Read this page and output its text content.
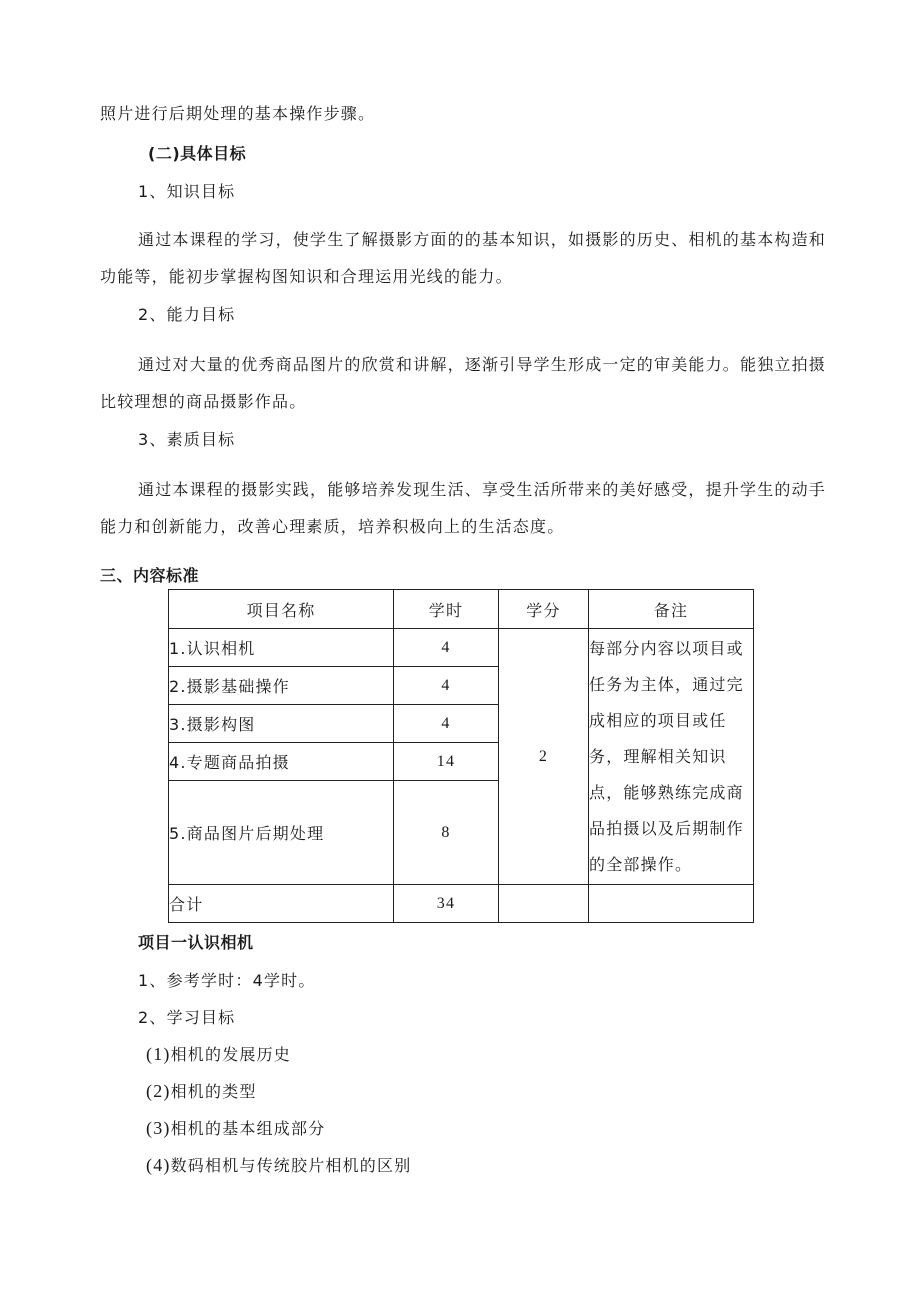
照片进行后期处理的基本操作步骤。
(二)具体目标
1、知识目标
通过本课程的学习，使学生了解摄影方面的的基本知识，如摄影的历史、相机的基本构造和
功能等，能初步掌握构图知识和合理运用光线的能力。
2、能力目标
通过对大量的优秀商品图片的欣赏和讲解，逐渐引导学生形成一定的审美能力。能独立拍摄
比较理想的商品摄影作品。
3、素质目标
通过本课程的摄影实践，能够培养发现生活、享受生活所带来的美好感受，提升学生的动手
能力和创新能力，改善心理素质，培养积极向上的生活态度。
三、内容标准
项目名称	学时	学分	备注
1.认识相机	4	2	每部分内容以项目或任务为主体，通过完成相应的项目或任务，理解相关知识点，能够熟练完成商品拍摄以及后期制作的全部操作。
2.摄影基础操作	4		
3.摄影构图	4		
4.专题商品拍摄	14		
5.商品图片后期处理	8		
合计	34		
项目一认识相机
1、参考学时：4学时。
2、学习目标
(1)相机的发展历史
(2)相机的类型
(3)相机的基本组成部分
(4)数码相机与传统胶片相机的区别
